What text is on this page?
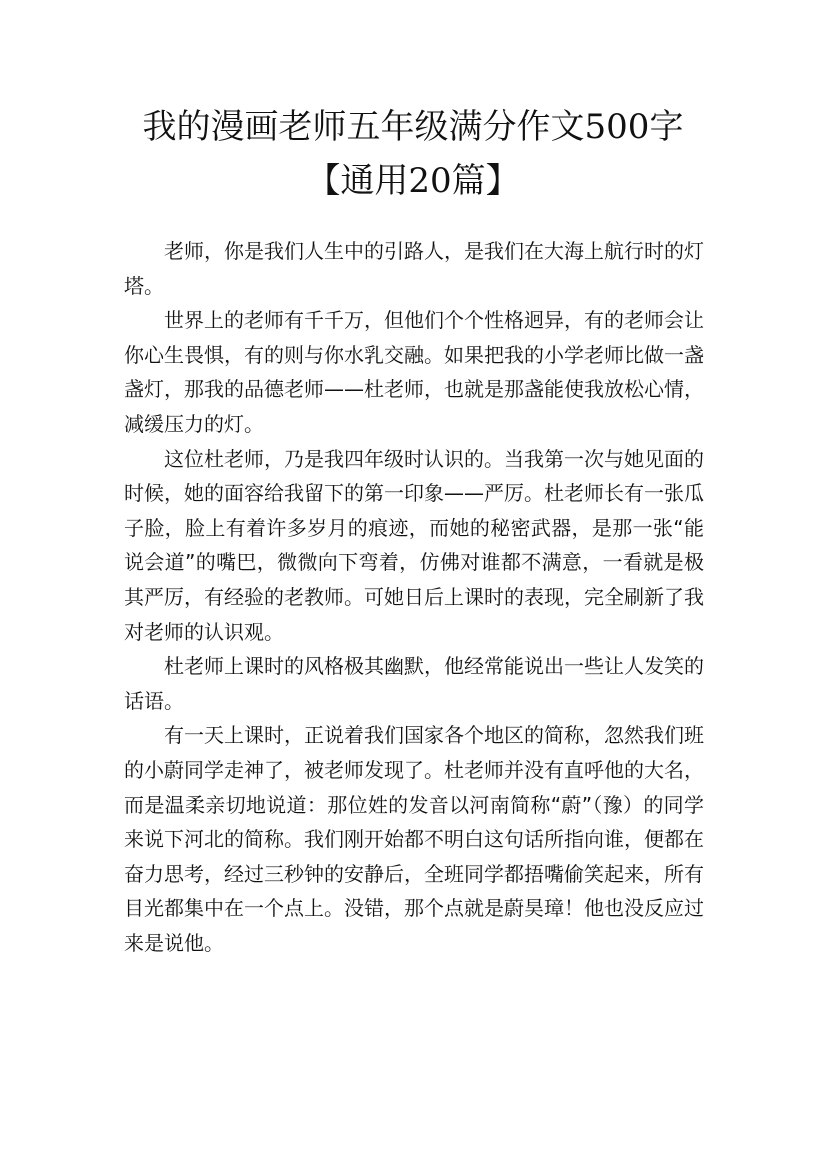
我的漫画老师五年级满分作文500字【通用20篇】

老师，你是我们人生中的引路人，是我们在大海上航行时的灯塔。

世界上的老师有千千万，但他们个个性格迥异，有的老师会让你心生畏惧，有的则与你水乳交融。如果把我的小学老师比做一盏盏灯，那我的品德老师——杜老师，也就是那盏能使我放松心情，减缓压力的灯。

这位杜老师，乃是我四年级时认识的。当我第一次与她见面的时候，她的面容给我留下的第一印象——严厉。杜老师长有一张瓜子脸，脸上有着许多岁月的痕迹，而她的秘密武器，是那一张“能说会道”的嘴巴，微微向下弯着，仿佛对谁都不满意，一看就是极其严厉，有经验的老教师。可她日后上课时的表现，完全刷新了我对老师的认识观。

杜老师上课时的风格极其幽默，他经常能说出一些让人发笑的话语。

有一天上课时，正说着我们国家各个地区的简称，忽然我们班的小蔚同学走神了，被老师发现了。杜老师并没有直呼他的大名，而是温柔亲切地说道：那位姓的发音以河南简称“蔚”（豫）的同学来说下河北的简称。我们刚开始都不明白这句话所指向谁，便都在奋力思考，经过三秒钟的安静后，全班同学都捂嘴偷笑起来，所有目光都集中在一个点上。没错，那个点就是蔚昊璋！他也没反应过来是说他。
